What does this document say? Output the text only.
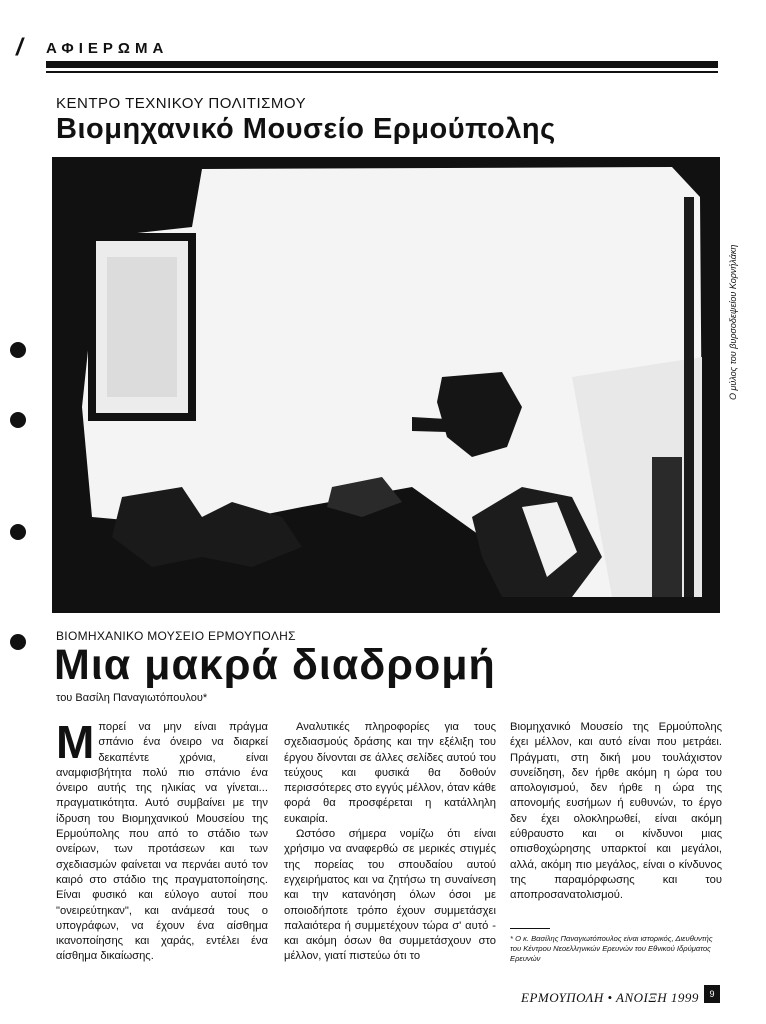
/ ΑΦΙΕΡΩΜΑ
ΚΕΝΤΡΟ ΤΕΧΝΙΚΟΥ ΠΟΛΙΤΙΣΜΟΥ
Βιομηχανικό Μουσείο Ερμούπολης
Ο μύλος του βυρσοδεψείου Κορνήλάκη
ΒΙΟΜΗΧΑΝΙΚΟ ΜΟΥΣΕΙΟ ΕΡΜΟΥΠΟΛΗΣ
Μια μακρά διαδρομή
του Βασίλη Παναγιωτόπουλου*

Μπορεί να μην είναι πράγμα σπάνιο ένα όνειρο να διαρκεί δεκαπέντε χρόνια, είναι αναμφισβήτητα πολύ πιο σπάνιο ένα όνειρο αυτής της ηλικίας να γίνεται... πραγματικότητα. Αυτό συμβαίνει με την ίδρυση του Βιομηχανικού Μουσείου της Ερμούπολης που από το στάδιο των ονείρων, των προτάσεων και των σχεδιασμών φαίνεται να περνάει αυτό τον καιρό στο στάδιο της πραγματοποίησης. Είναι φυσικό και εύλογο αυτοί που "ονειρεύτηκαν", και ανάμεσά τους ο υπογράφων, να έχουν ένα αίσθημα ικανοποίησης και χαράς, εντέλει ένα αίσθημα δικαίωσης.

Αναλυτικές πληροφορίες για τους σχεδιασμούς δράσης και την εξέλιξη του έργου δίνονται σε άλλες σελίδες αυτού του τεύχους και φυσικά θα δοθούν περισσότερες στο εγγύς μέλλον, όταν κάθε φορά θα προσφέρεται η κατάλληλη ευκαιρία.

Ωστόσο σήμερα νομίζω ότι είναι χρήσιμο να αναφερθώ σε μερικές στιγμές της πορείας του σπουδαίου αυτού εγχειρήματος και να ζητήσω τη συναίνεση και την κατανόηση όλων όσοι με οποιοδήποτε τρόπο έχουν συμμετάσχει παλαιότερα ή συμμετέχουν τώρα σ' αυτό - και ακόμη όσων θα συμμετάσχουν στο μέλλον, γιατί πιστεύω ότι το

Βιομηχανικό Μουσείο της Ερμούπολης έχει μέλλον, και αυτό είναι που μετράει. Πράγματι, στη δική μου τουλάχιστον συνείδηση, δεν ήρθε ακόμη η ώρα του απολογισμού, δεν ήρθε η ώρα της απονομής ευσήμων ή ευθυνών, το έργο δεν έχει ολοκληρωθεί, είναι ακόμη εύθραυστο και οι κίνδυνοι μιας οπισθοχώρησης υπαρκτοί και μεγάλοι, αλλά, ακόμη πιο μεγάλος, είναι ο κίνδυνος της παραμόρφωσης και του αποπροσανατολισμού.

* Ο κ. Βασίλης Παναγιωτόπουλος είναι ιστορικός, Διευθυντής του Κέντρου Νεοελληνικών Ερευνών του Εθνικού Ιδρύματος Ερευνών
ΕΡΜΟΥΠΟΛΗ • ΑΝΟΙΞΗ 1999	9
